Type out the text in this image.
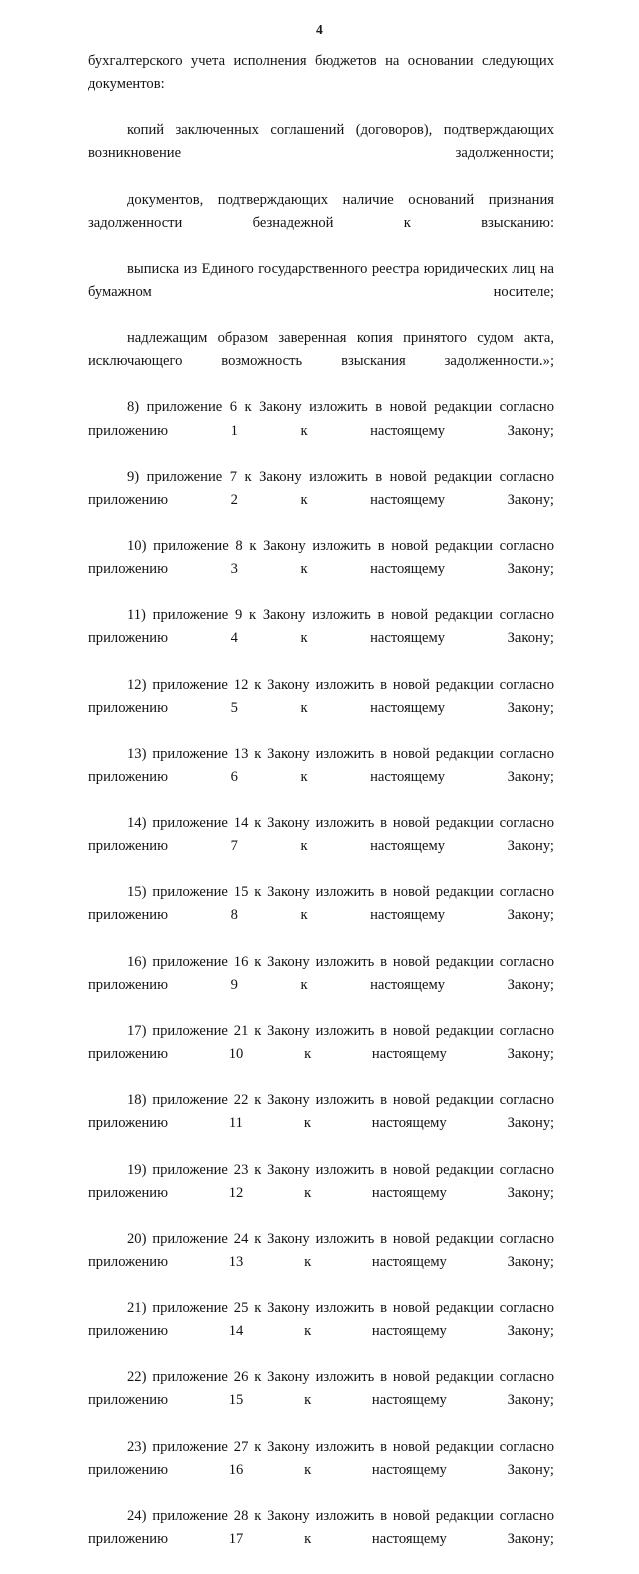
4

бухгалтерского учета исполнения бюджетов на основании следующих документов:

копий заключенных соглашений (договоров), подтверждающих возникновение задолженности;

документов, подтверждающих наличие оснований признания задолженности безнадежной к взысканию:

выписка из Единого государственного реестра юридических лиц на бумажном носителе;

надлежащим образом заверенная копия принятого судом акта, исключающего возможность взыскания задолженности.»;

8) приложение 6 к Закону изложить в новой редакции согласно приложению 1 к настоящему Закону;

9) приложение 7 к Закону изложить в новой редакции согласно приложению 2 к настоящему Закону;

10) приложение 8 к Закону изложить в новой редакции согласно приложению 3 к настоящему Закону;

11) приложение 9 к Закону изложить в новой редакции согласно приложению 4 к настоящему Закону;

12) приложение 12 к Закону изложить в новой редакции согласно приложению 5 к настоящему Закону;

13) приложение 13 к Закону изложить в новой редакции согласно приложению 6 к настоящему Закону;

14) приложение 14 к Закону изложить в новой редакции согласно приложению 7 к настоящему Закону;

15) приложение 15 к Закону изложить в новой редакции согласно приложению 8 к настоящему Закону;

16) приложение 16 к Закону изложить в новой редакции согласно приложению 9 к настоящему Закону;

17) приложение 21 к Закону изложить в новой редакции согласно приложению 10 к настоящему Закону;

18) приложение 22 к Закону изложить в новой редакции согласно приложению 11 к настоящему Закону;

19) приложение 23 к Закону изложить в новой редакции согласно приложению 12 к настоящему Закону;

20) приложение 24 к Закону изложить в новой редакции согласно приложению 13 к настоящему Закону;

21) приложение 25 к Закону изложить в новой редакции согласно приложению 14 к настоящему Закону;

22) приложение 26 к Закону изложить в новой редакции согласно приложению 15 к настоящему Закону;

23) приложение 27 к Закону изложить в новой редакции согласно приложению 16 к настоящему Закону;

24) приложение 28 к Закону изложить в новой редакции согласно приложению 17 к настоящему Закону;
